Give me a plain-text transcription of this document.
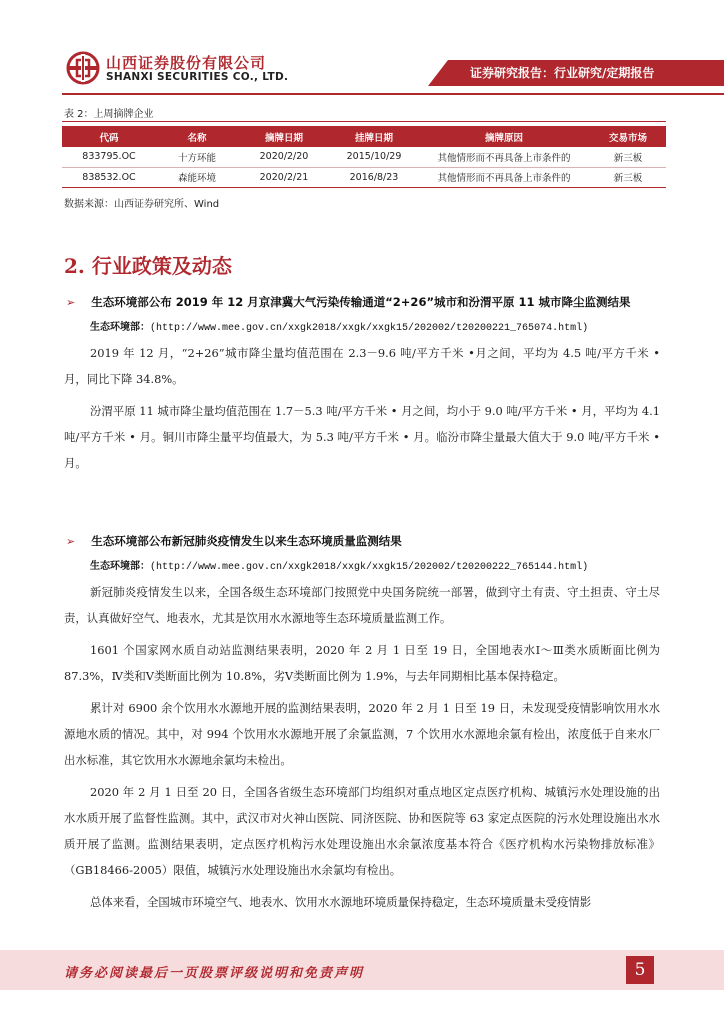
山西证券股份有限公司
SHANXI SECURITIES CO., LTD.	证券研究报告：行业研究/定期报告
表 2：上周摘牌企业
代码	名称	摘牌日期	挂牌日期	摘牌原因	交易市场
833795.OC	十方环能	2020/2/20	2015/10/29	其他情形而不再具备上市条件的	新三板
838532.OC	森能环境	2020/2/21	2016/8/23	其他情形而不再具备上市条件的	新三板
数据来源：山西证券研究所、Wind
2. 行业政策及动态
➢ 生态环境部公布 2019 年 12 月京津冀大气污染传输通道“2+26”城市和汾渭平原 11 城市降尘监测结果
生态环境部：(http://www.mee.gov.cn/xxgk2018/xxgk/xxgk15/202002/t20200221_765074.html)

2019 年 12 月，“2+26”城市降尘量均值范围在 2.3－9.6 吨/平方千米 •月之间，平均为 4.5 吨/平方千米 •月，同比下降 34.8%。

汾渭平原 11 城市降尘量均值范围在 1.7－5.3 吨/平方千米 • 月之间，均小于 9.0 吨/平方千米 • 月，平均为 4.1 吨/平方千米 • 月。铜川市降尘量平均值最大，为 5.3 吨/平方千米 • 月。临汾市降尘量最大值大于 9.0 吨/平方千米 • 月。

➢ 生态环境部公布新冠肺炎疫情发生以来生态环境质量监测结果
生态环境部：(http://www.mee.gov.cn/xxgk2018/xxgk/xxgk15/202002/t20200222_765144.html)

新冠肺炎疫情发生以来，全国各级生态环境部门按照党中央国务院统一部署，做到守土有责、守土担责、守土尽责，认真做好空气、地表水，尤其是饮用水水源地等生态环境质量监测工作。

1601 个国家网水质自动站监测结果表明，2020 年 2 月 1 日至 19 日，全国地表水Ⅰ～Ⅲ类水质断面比例为 87.3%，Ⅳ类和Ⅴ类断面比例为 10.8%，劣Ⅴ类断面比例为 1.9%，与去年同期相比基本保持稳定。

累计对 6900 余个饮用水水源地开展的监测结果表明，2020 年 2 月 1 日至 19 日，未发现受疫情影响饮用水水源地水质的情况。其中，对 994 个饮用水水源地开展了余氯监测，7 个饮用水水源地余氯有检出，浓度低于自来水厂出水标准，其它饮用水水源地余氯均未检出。

2020 年 2 月 1 日至 20 日，全国各省级生态环境部门均组织对重点地区定点医疗机构、城镇污水处理设施的出水水质开展了监督性监测。其中，武汉市对火神山医院、同济医院、协和医院等 63 家定点医院的污水处理设施出水水质开展了监测。监测结果表明，定点医疗机构污水处理设施出水余氯浓度基本符合《医疗机构水污染物排放标准》（GB18466-2005）限值，城镇污水处理设施出水余氯均有检出。

总体来看，全国城市环境空气、地表水、饮用水水源地环境质量保持稳定，生态环境质量未受疫情影

请务必阅读最后一页股票评级说明和免责声明	5
